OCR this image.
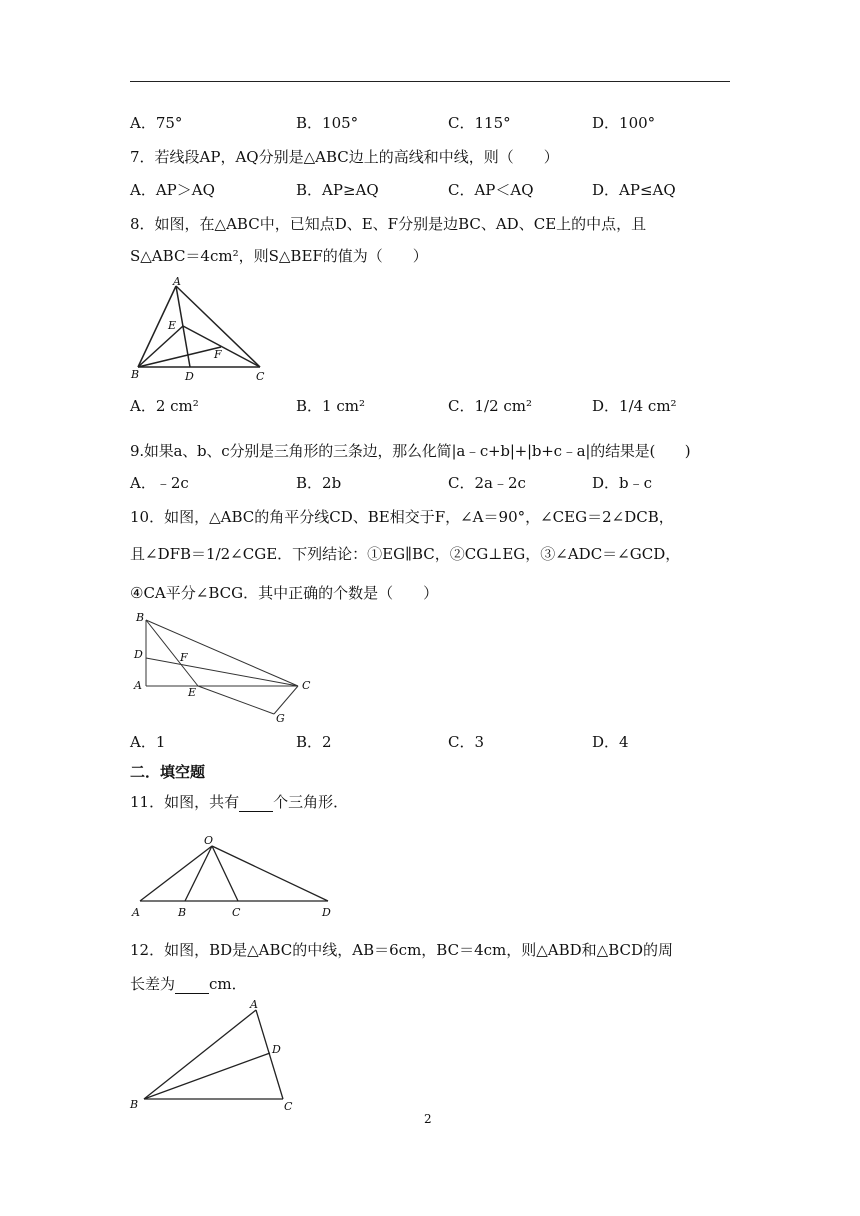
A．75°	B．105°	C．115°	D．100°
7．若线段AP，AQ分别是△ABC边上的高线和中线，则（　　）
A．AP＞AQ	B．AP≥AQ	C．AP＜AQ	D．AP≤AQ
8．如图，在△ABC中，已知点D、E、F分别是边BC、AD、CE上的中点，且
S△ABC＝4cm²，则S△BEF的值为（　　）
A
E
F
B	D	C
A．2 cm²	B．1 cm²	C．1/2 cm²	D．1/4 cm²
9.如果a、b、c分别是三角形的三条边，那么化简|a﹣c+b|+|b+c﹣a|的结果是(　　)
A．﹣2c	B．2b	C．2a﹣2c	D．b﹣c
10．如图，△ABC的角平分线CD、BE相交于F，∠A＝90°，∠CEG＝2∠DCB，
且∠DFB＝1/2∠CGE．下列结论：①EG∥BC，②CG⊥EG，③∠ADC＝∠GCD，
④CA平分∠BCG．其中正确的个数是（　　）
B
F
D
A
E
C
G
A．1	B．2	C．3	D．4
二．填空题
11．如图，共有 个三角形．
O
A	B	C	D
12．如图，BD是△ABC的中线，AB＝6cm，BC＝4cm，则△ABD和△BCD的周
长差为 cm．
A
D
B	C
2
